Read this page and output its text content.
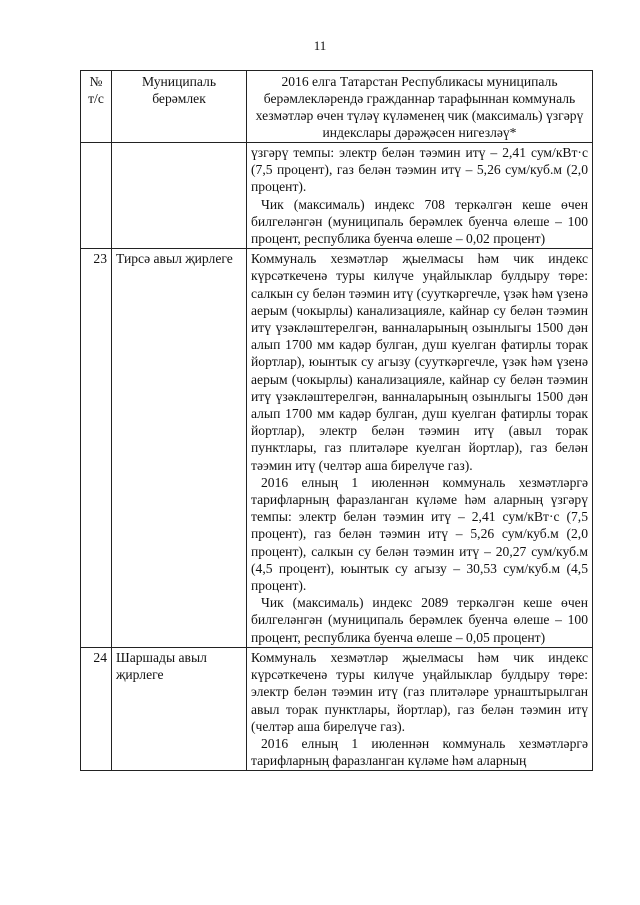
11
№ т/с	Муниципаль берәмлек	2016 елга Татарстан Республикасы муниципаль берәмлекләрендә гражданнар тарафыннан коммуналь хезмәтләр өчен түләү күләменең чик (максималь) үзгәрү индекслары дәрәҗәсен нигезләү*

		үзгәрү темпы: электр белән тәэмин итү – 2,41 сум/кВт·с (7,5 процент), газ белән тәэмин итү – 5,26 сум/куб.м (2,0 процент).

Чик (максималь) индекс 708 теркәлгән кеше өчен билгеләнгән (муниципаль берәмлек буенча өлеше – 100 процент, республика буенча өлеше – 0,02 процент)

23	Тирсә авыл җирлеге	Коммуналь хезмәтләр җыелмасы һәм чик индекс күрсәткеченә туры килүче уңайлыклар булдыру төре: салкын су белән тәэмин итү (сууткәргечле, үзәк һәм үзенә аерым (чокырлы) канализацияле, кайнар су белән тәэмин итү үзәкләштерелгән, ванналарының озынлыгы 1500 дән алып 1700 мм кадәр булган, душ куелган фатирлы торак йортлар), юынтык су агызу (сууткәргечле, үзәк һәм үзенә аерым (чокырлы) канализацияле, кайнар су белән тәэмин итү үзәкләштерелгән, ванналарының озынлыгы 1500 дән алып 1700 мм кадәр булган, душ куелган фатирлы торак йортлар), электр белән тәэмин итү (авыл торак пунктлары, газ плитәләре куелган йортлар), газ белән тәэмин итү (челтәр аша бирелүче газ).

2016 елның 1 июленнән коммуналь хезмәтләргә тарифларның фаразланган күләме һәм аларның үзгәрү темпы: электр белән тәэмин итү – 2,41 сум/кВт·с (7,5 процент), газ белән тәэмин итү – 5,26 сум/куб.м (2,0 процент), салкын су белән тәэмин итү – 20,27 сум/куб.м (4,5 процент), юынтык су агызу – 30,53 сум/куб.м (4,5 процент).

Чик (максималь) индекс 2089 теркәлгән кеше өчен билгеләнгән (муниципаль берәмлек буенча өлеше – 100 процент, республика буенча өлеше – 0,05 процент)

24	Шаршады авыл җирлеге	Коммуналь хезмәтләр җыелмасы һәм чик индекс күрсәткеченә туры килүче уңайлыклар булдыру төре: электр белән тәэмин итү (газ плитәләре урнаштырылган авыл торак пунктлары, йортлар), газ белән тәэмин итү (челтәр аша бирелүче газ).

2016 елның 1 июленнән коммуналь хезмәтләргә тарифларның фаразланган күләме һәм аларның
